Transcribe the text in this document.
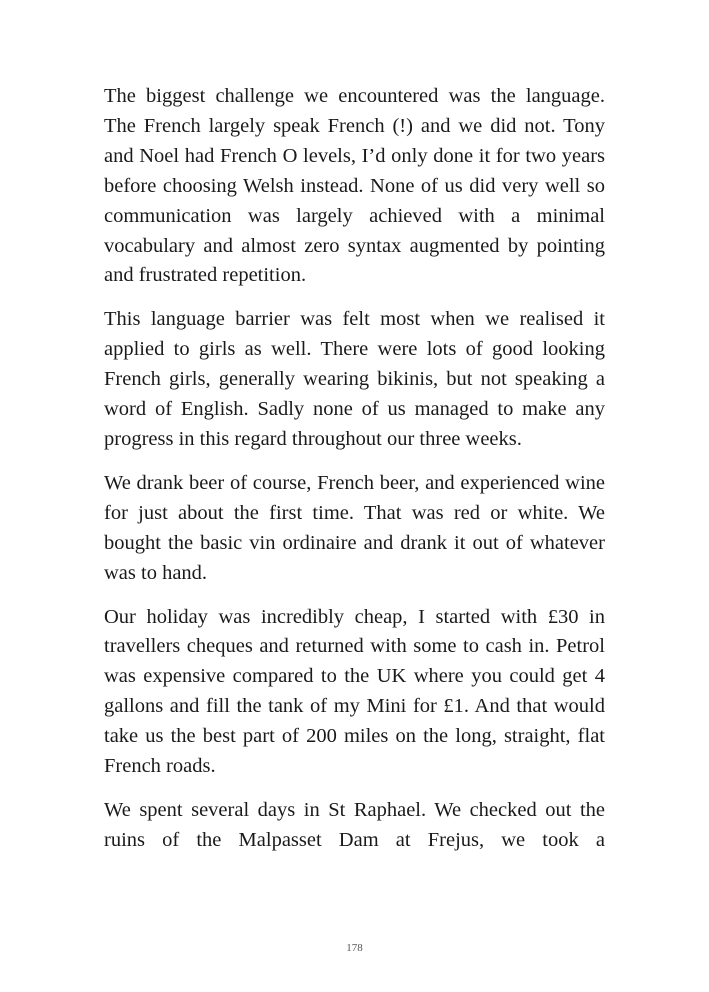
The biggest challenge we encountered was the language. The French largely speak French (!) and we did not. Tony and Noel had French O levels, I’d only done it for two years before choosing Welsh instead. None of us did very well so communication was largely achieved with a minimal vocabulary and almost zero syntax augmented by pointing and frustrated repetition.

This language barrier was felt most when we realised it applied to girls as well. There were lots of good looking French girls, generally wearing bikinis, but not speaking a word of English. Sadly none of us managed to make any progress in this regard throughout our three weeks.

We drank beer of course, French beer, and experienced wine for just about the first time. That was red or white. We bought the basic vin ordinaire and drank it out of whatever was to hand.

Our holiday was incredibly cheap, I started with £30 in travellers cheques and returned with some to cash in. Petrol was expensive compared to the UK where you could get 4 gallons and fill the tank of my Mini for £1. And that would take us the best part of 200 miles on the long, straight, flat French roads.

We spent several days in St Raphael. We checked out the ruins of the Malpasset Dam at Frejus, we took a

178
